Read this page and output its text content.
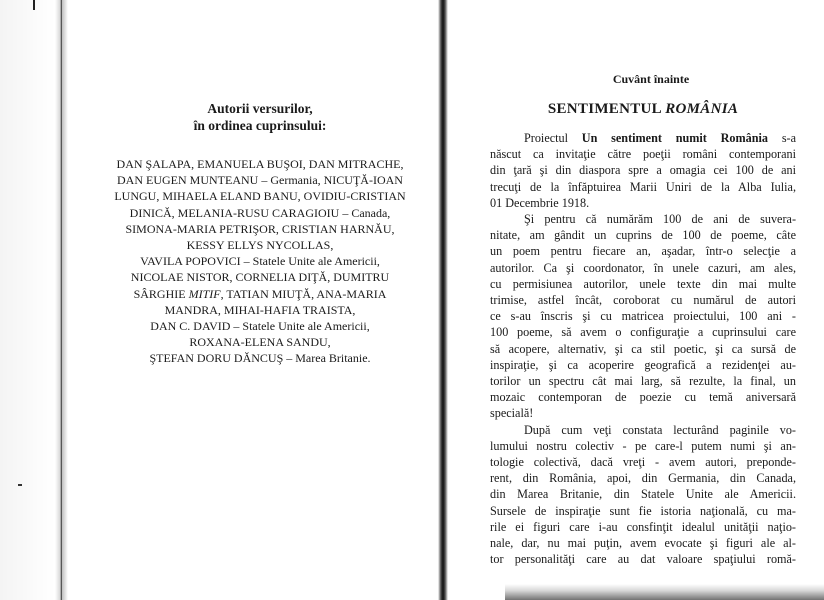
Autorii versurilor,
în ordinea cuprinsului:
DAN ŞALAPA, EMANUELA BUŞOI, DAN MITRACHE,
DAN EUGEN MUNTEANU – Germania, NICUŢĂ-IOAN
LUNGU, MIHAELA ELAND BANU, OVIDIU-CRISTIAN
DINICĂ, MELANIA-RUSU CARAGIOIU – Canada,
SIMONA-MARIA PETRIŞOR, CRISTIAN HARNĂU,
KESSY ELLYS NYCOLLAS,
VAVILA POPOVICI – Statele Unite ale Americii,
NICOLAE NISTOR, CORNELIA DIŢĂ, DUMITRU
SÂRGHIE MITIF, TATIAN MIUŢĂ, ANA-MARIA
MANDRA, MIHAI-HAFIA TRAISTA,
DAN C. DAVID – Statele Unite ale Americii,
ROXANA-ELENA SANDU,
ŞTEFAN DORU DĂNCUŞ – Marea Britanie.
Cuvânt înainte
SENTIMENTUL ROMÂNIA
Proiectul Un sentiment numit România s-a
născut ca invitaţie către poeţii români contemporani
din ţară şi din diaspora spre a omagia cei 100 de ani
trecuţi de la înfăptuirea Marii Uniri de la Alba Iulia,
01 Decembrie 1918.
Şi pentru că numărăm 100 de ani de suvera-
nitate, am gândit un cuprins de 100 de poeme, câte
un poem pentru fiecare an, aşadar, într-o selecţie a
autorilor. Ca şi coordonator, în unele cazuri, am ales,
cu permisiunea autorilor, unele texte din mai multe
trimise, astfel încât, coroborat cu numărul de autori
ce s-au înscris şi cu matricea proiectului, 100 ani -
100 poeme, să avem o configuraţie a cuprinsului care
să acopere, alternativ, şi ca stil poetic, şi ca sursă de
inspiraţie, şi ca acoperire geografică a rezidenţei au-
torilor un spectru cât mai larg, să rezulte, la final, un
mozaic contemporan de poezie cu temă aniversară
specială!
După cum veţi constata lecturând paginile vo-
lumului nostru colectiv - pe care-l putem numi şi an-
tologie colectivă, dacă vreţi - avem autori, preponde-
rent, din România, apoi, din Germania, din Canada,
din Marea Britanie, din Statele Unite ale Americii.
Sursele de inspiraţie sunt fie istoria naţională, cu ma-
rile ei figuri care i-au consfinţit idealul unităţii naţio-
nale, dar, nu mai puţin, avem evocate şi figuri ale al-
tor personalităţi care au dat valoare spaţiului romă-
